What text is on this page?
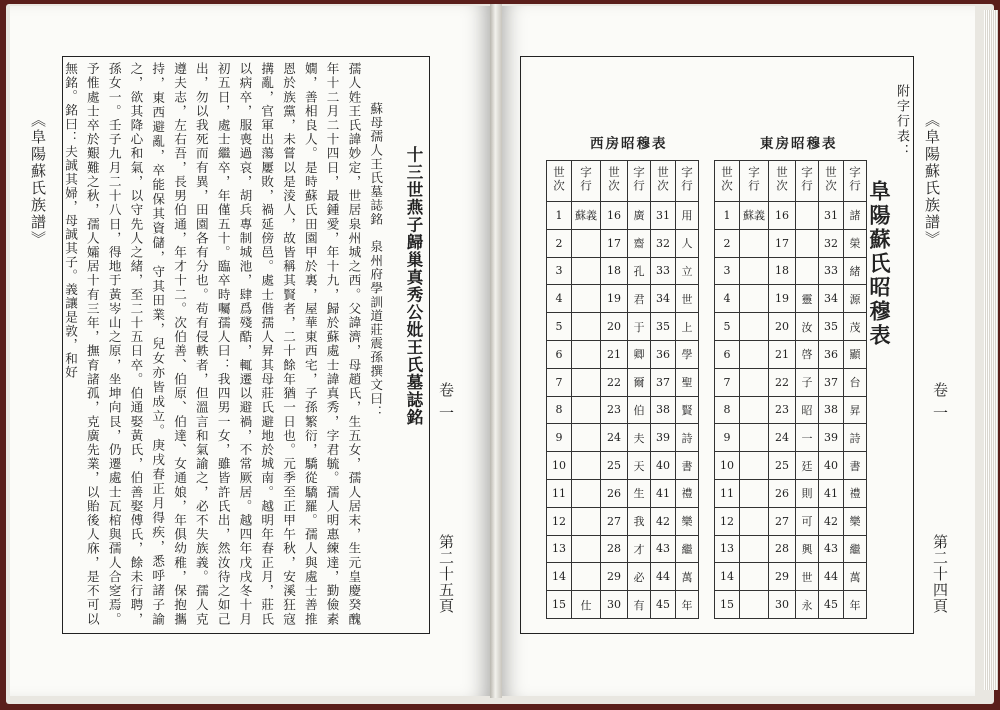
《阜陽蘇氏族譜》
卷一
第二十五頁

十三世燕子歸巢真秀公妣王氏墓誌銘

蘇母孺人王氏墓誌銘　泉州府學訓道莊震孫撰文曰：

孺人姓王氏諱妙定，世居泉州城之西。父諱濟，母趙氏，生五女，孺人居末，生元皇慶癸醜年十二月二十四日，最鍾愛，年十九，歸於蘇處士諱真秀，字君毓。孺人明惠練達，勤儉素嫺，善相良人。是時蘇氏田園甲於裏，屋華東西宅，子孫繁衍，驕從驕羅。孺人與處士善推恩於族黨，未嘗以是淩人，故皆稱其賢者，二十餘年猶一日也。元季至正甲午秋，安溪狂寇搆亂，官軍出蕩屢敗，禍延傍邑。處士偕孺人昇其母莊氏避地於城南。越明年春正月，莊氏以病卒，服喪過哀，胡兵專制城池，肆爲殘酷，輒遷以避禍，不常厥居。越四年戊戌冬十月初五日，處士繼卒，年僅五十。臨卒時囑孺人曰：我四男一女，雖皆許氏出，然汝待之如己出，勿以我死而有異，田園各有分也。苟有侵軼者，但溫言和氣諭之，必不失族義。孺人克遵夫志，左右吾，長男伯通，年才十二。次伯善、伯原、伯達、女通娘，年俱幼稚，保抱攜持，東西避亂，卒能保其資儲，守其田業，兒女亦皆成立。庚戌春正月得疾，悉呼諸子諭之，欲其降心和氣，以守先人之緒，至二十五日卒。伯通娶黃氏，伯善娶傅氏，餘未行聘，孫女一。壬子九月二十八日，得地于黃岑山之原，坐坤向艮，仍遷處士瓦棺與孺人合窆焉。予惟處士卒於艱難之秋，孺人孀居十有三年，撫育諸孤，克廣先業，以貽後人庥，是不可以無銘。銘曰：夫誠其婦，母誠其子。義讓是敦，和好	《阜陽蘇氏族譜》
卷一
第二十四頁
附字行表：
阜陽蘇氏昭穆表
東房昭穆表
西房昭穆表
世次	字行	世次	字行	世次	字行
1	蘇義	16		31	諸
2		17		32	榮
3		18		33	緒
4		19	靈	34	源
5		20	汝	35	茂
6		21	啓	36	顯
7		22	子	37	台
8		23	昭	38	昇
9		24	一	39	詩
10		25	廷	40	書
11		26	則	41	禮
12		27	可	42	樂
13		28	興	43	繼
14		29	世	44	萬
15		30	永	45	年
世次	字行	世次	字行	世次	字行
1	蘇義	16	廣	31	用
2		17	齋	32	人
3		18	孔	33	立
4		19	君	34	世
5		20	于	35	上
6		21	卿	36	學
7		22	爾	37	聖
8		23	伯	38	賢
9		24	夫	39	詩
10		25	天	40	書
11		26	生	41	禮
12		27	我	42	樂
13		28	才	43	繼
14		29	必	44	萬
15	仕	30	有	45	年
